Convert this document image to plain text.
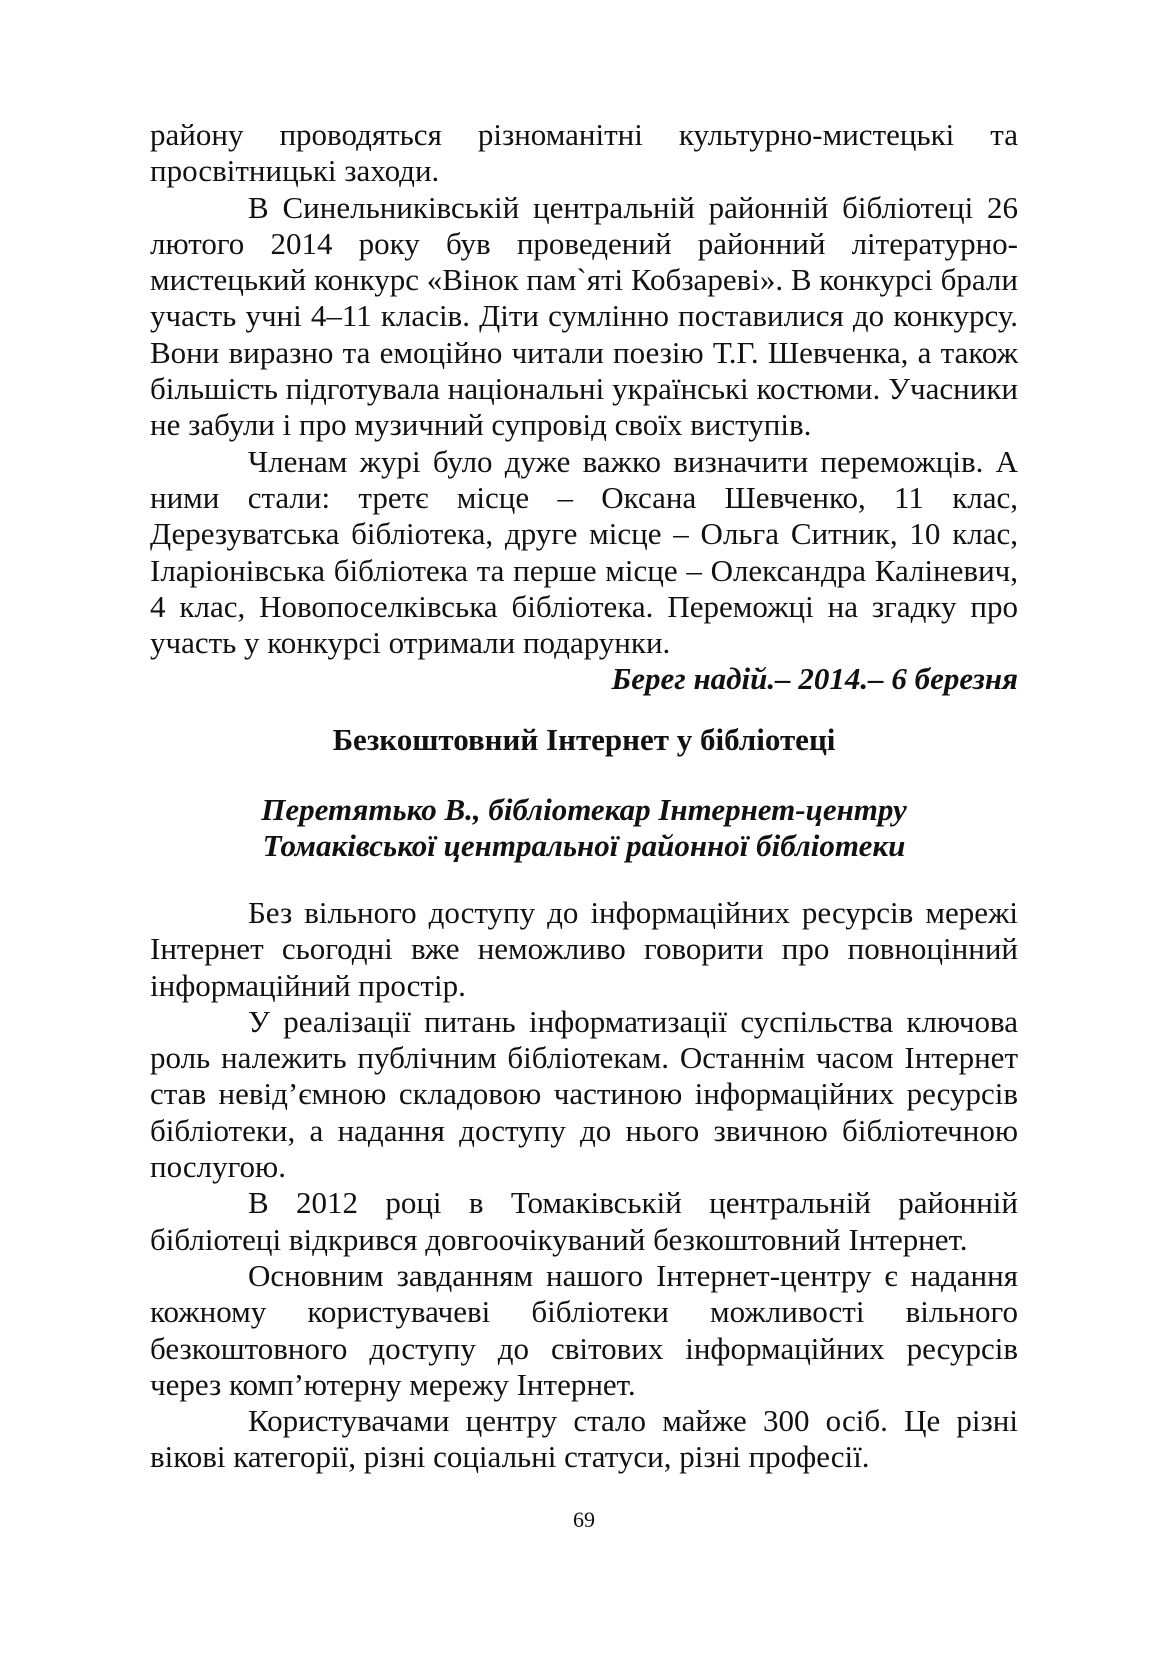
району проводяться різноманітні культурно-мистецькі та просвітницькі заходи.

В Синельниківській центральній районній бібліотеці 26 лютого 2014 року був проведений районний літературно-мистецький конкурс «Вінок пам`яті Кобзареві». В конкурсі брали участь учні 4–11 класів. Діти сумлінно поставилися до конкурсу. Вони виразно та емоційно читали поезію Т.Г. Шевченка, а також більшість підготувала національні українські костюми. Учасники не забули і про музичний супровід своїх виступів.

Членам журі було дуже важко визначити переможців. А ними стали: третє місце – Оксана Шевченко, 11 клас, Дерезуватська бібліотека, друге місце – Ольга Ситник, 10 клас, Іларіонівська бібліотека та перше місце – Олександра Каліневич, 4 клас, Новопоселківська бібліотека. Переможці на згадку про участь у конкурсі отримали подарунки.

Берег надій.– 2014.– 6 березня

Безкоштовний Інтернет у бібліотеці

Перетятько В., бібліотекар Інтернет-центру
Томаківської центральної районної бібліотеки

Без вільного доступу до інформаційних ресурсів мережі Інтернет сьогодні вже неможливо говорити про повноцінний інформаційний простір.

У реалізації питань інформатизації суспільства ключова роль належить публічним бібліотекам. Останнім часом Інтернет став невід’ємною складовою частиною інформаційних ресурсів бібліотеки, а надання доступу до нього звичною бібліотечною послугою.

В 2012 році в Томаківській центральній районній бібліотеці відкрився довгоочікуваний безкоштовний Інтернет.

Основним завданням нашого Інтернет-центру є надання кожному користувачеві бібліотеки можливості вільного безкоштовного доступу до світових інформаційних ресурсів через комп’ютерну мережу Інтернет.

Користувачами центру стало майже 300 осіб. Це різні вікові категорії, різні соціальні статуси, різні професії.

69
